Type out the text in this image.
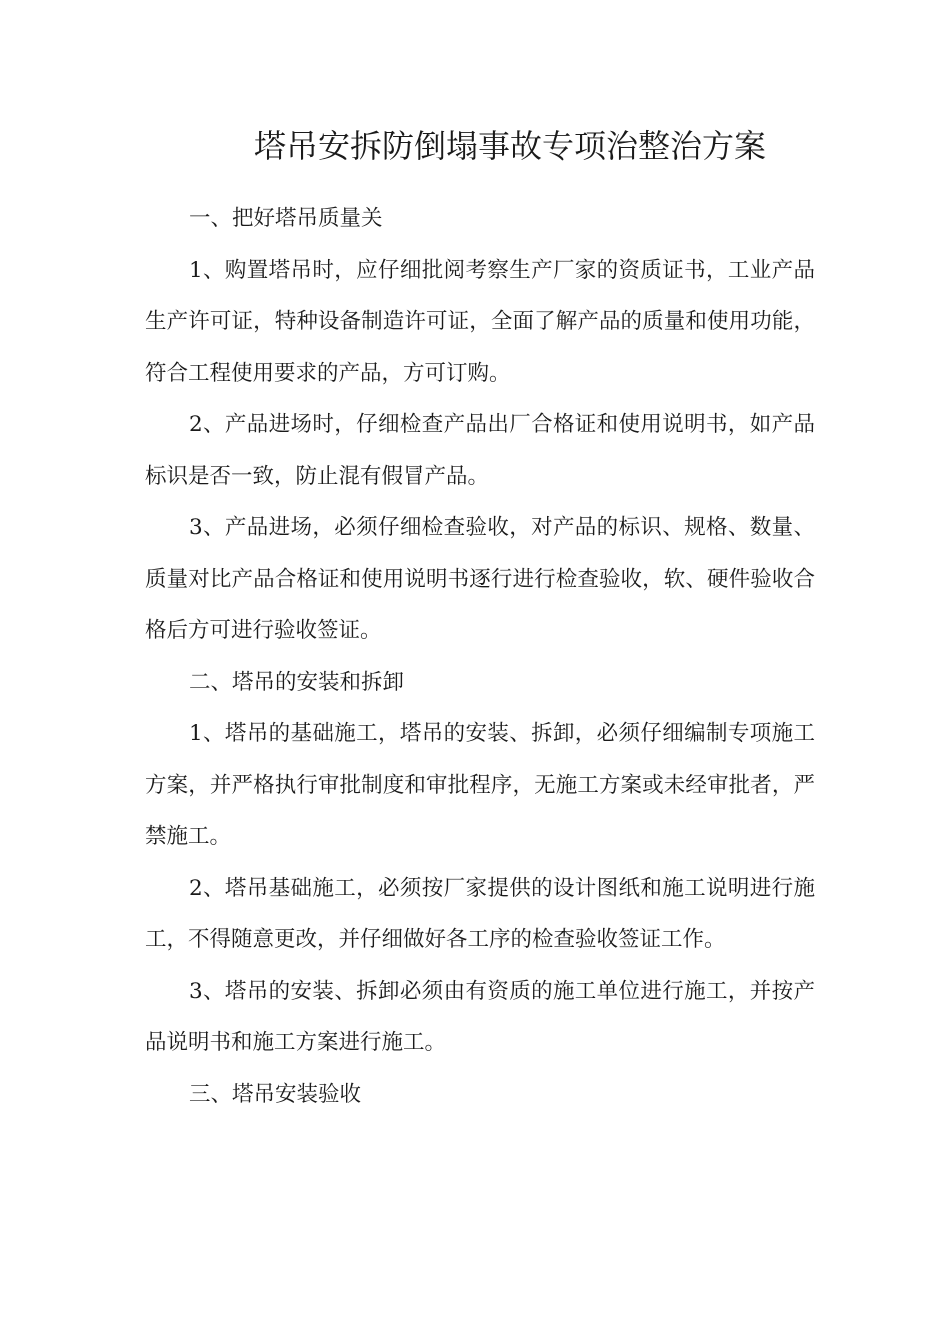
塔吊安拆防倒塌事故专项治整治方案

一、把好塔吊质量关

1、购置塔吊时，应仔细批阅考察生产厂家的资质证书，工业产品生产许可证，特种设备制造许可证，全面了解产品的质量和使用功能，符合工程使用要求的产品，方可订购。

2、产品进场时，仔细检查产品出厂合格证和使用说明书，如产品标识是否一致，防止混有假冒产品。

3、产品进场，必须仔细检查验收，对产品的标识、规格、数量、质量对比产品合格证和使用说明书逐行进行检查验收，软、硬件验收合格后方可进行验收签证。

二、塔吊的安装和拆卸

1、塔吊的基础施工，塔吊的安装、拆卸，必须仔细编制专项施工方案，并严格执行审批制度和审批程序，无施工方案或未经审批者，严禁施工。

2、塔吊基础施工，必须按厂家提供的设计图纸和施工说明进行施工，不得随意更改，并仔细做好各工序的检查验收签证工作。

3、塔吊的安装、拆卸必须由有资质的施工单位进行施工，并按产品说明书和施工方案进行施工。

三、塔吊安装验收
